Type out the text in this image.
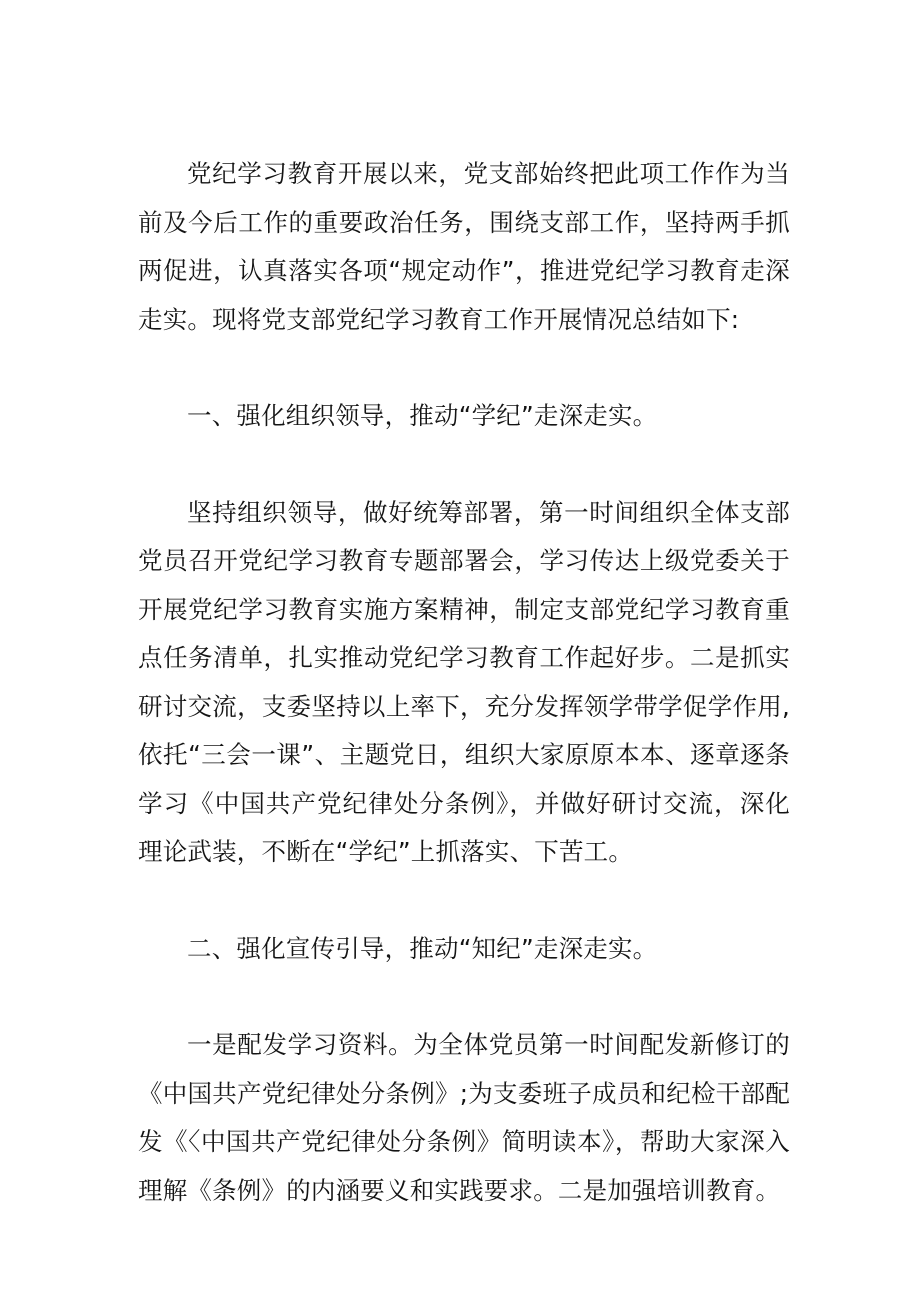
党纪学习教育开展以来，党支部始终把此项工作作为当前及今后工作的重要政治任务，围绕支部工作，坚持两手抓两促进，认真落实各项“规定动作”，推进党纪学习教育走深走实。现将党支部党纪学习教育工作开展情况总结如下:

一、强化组织领导，推动“学纪”走深走实。

坚持组织领导，做好统筹部署，第一时间组织全体支部党员召开党纪学习教育专题部署会，学习传达上级党委关于开展党纪学习教育实施方案精神，制定支部党纪学习教育重点任务清单，扎实推动党纪学习教育工作起好步。二是抓实研讨交流，支委坚持以上率下，充分发挥领学带学促学作用,依托“三会一课”、主题党日，组织大家原原本本、逐章逐条学习《中国共产党纪律处分条例》，并做好研讨交流，深化理论武装，不断在“学纪”上抓落实、下苦工。

二、强化宣传引导，推动“知纪”走深走实。

一是配发学习资料。为全体党员第一时间配发新修订的《中国共产党纪律处分条例》;为支委班子成员和纪检干部配发《〈中国共产党纪律处分条例》简明读本》，帮助大家深入理解《条例》的内涵要义和实践要求。二是加强培训教育。
